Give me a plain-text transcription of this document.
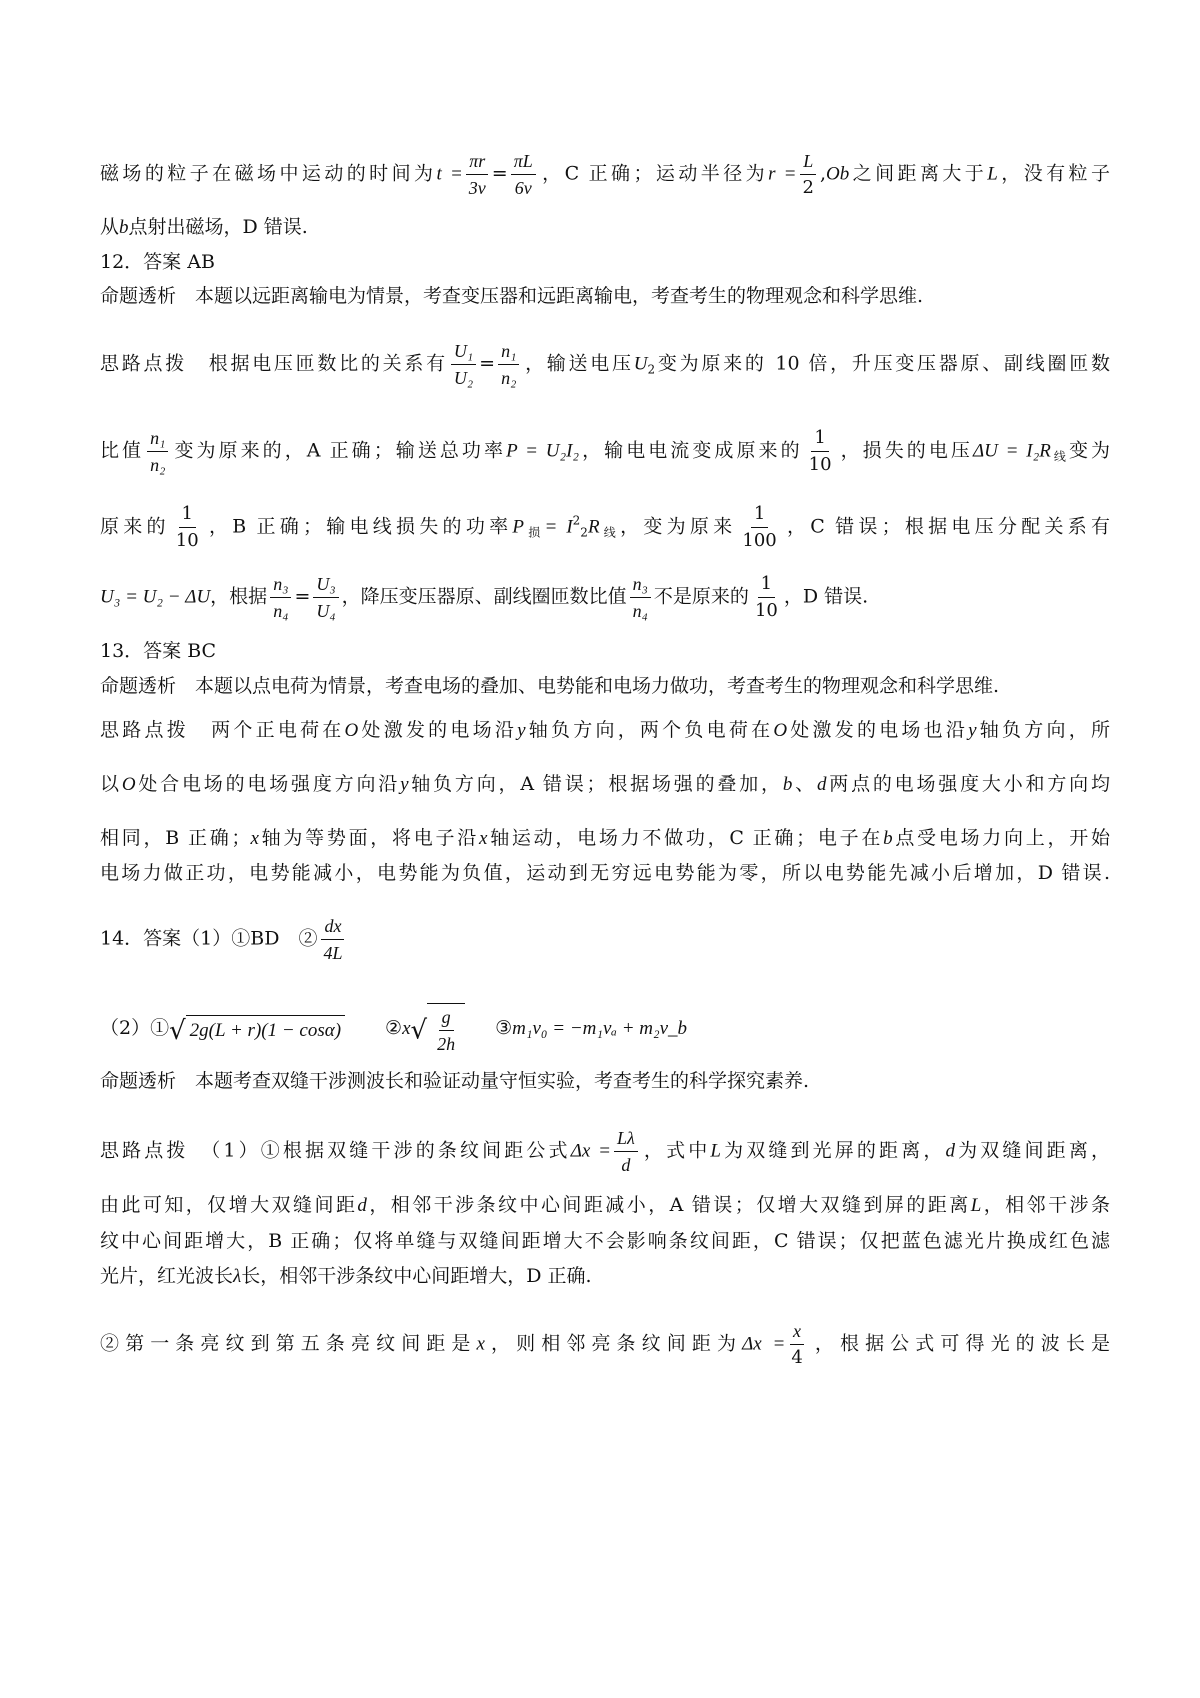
磁场的粒子在磁场中运动的时间为$t = \frac{\pi r}{3v} = \frac{\pi L}{6v}$ ，C 正确；运动半径为$r = \frac{L}{2} ,Ob$之间距离大于L，没有粒子
从b点射出磁场，D 错误.
12．答案 AB
命题透析　本题以远距离输电为情景，考查变压器和远距离输电，考查考生的物理观念和科学思维.
思路点拨　根据电压匝数比的关系有 $\frac{\text{U₁}}{\text{U₂}} = \frac{\text{n₁}}{\text{n₂}}$ ，输送电压$U_2$变为原来的 10 倍，升压变压器原、副线圈匝数
比值 $\frac{\text{n₁}}{\text{n₂}}$ 变为原来的，A 正确；输送总功率P = U₂I₂，输电电流变成原来的 $\frac{1}{10}$ ，损失的电压$\Delta U = I_2R_线$变为
原来的 $\frac{1}{10}$ ，B 正确；输电线损失的功率$P_损= I^2_2R_线$，变为原来 $\frac{1}{100}$ ，C 错误；根据电压分配关系有
U₃ = U₂ − ΔU，根据 $\frac{\text{n₃}}{\text{n₄}} = \frac{\text{U₃}}{\text{U₄}}$ ，降压变压器原、副线圈匝数比值 $\frac{\text{n₃}}{\text{n₄}}$ 不是原来的 $\frac{1}{10}$ ，D 错误.
13．答案 BC
命题透析　本题以点电荷为情景，考查电场的叠加、电势能和电场力做功，考查考生的物理观念和科学思维.
思路点拨　两个正电荷在O处激发的电场沿y轴负方向，两个负电荷在O处激发的电场也沿y轴负方向，所
以O处合电场的电场强度方向沿y轴负方向，A 错误；根据场强的叠加，b、d两点的电场强度大小和方向均
相同，B 正确；x轴为等势面，将电子沿x轴运动，电场力不做功，C 正确；电子在b点受电场力向上，开始
电场力做正功，电势能减小，电势能为负值，运动到无穷远电势能为零，所以电势能先减小后增加，D 错误.
14．答案（1）①BD　② $\frac{dx}{4L}$
（2）①√ 2g(L + r)(1 − cosα) ②x√ $\frac{g}{2h}$ ③m₁v₀ = −m₁vₐ + m₂v_b
命题透析　本题考查双缝干涉测波长和验证动量守恒实验，考查考生的科学探究素养.
思路点拨　（1）①根据双缝干涉的条纹间距公式$\Delta x = \frac{L\lambda}{d}$ ，式中L为双缝到光屏的距离，d为双缝间距离，
由此可知，仅增大双缝间距d，相邻干涉条纹中心间距减小，A 错误；仅增大双缝到屏的距离L，相邻干涉条
纹中心间距增大，B 正确；仅将单缝与双缝间距增大不会影响条纹间距，C 错误；仅把蓝色滤光片换成红色滤
光片，红光波长λ长，相邻干涉条纹中心间距增大，D 正确.
②第一条亮纹到第五条亮纹间距是x，则相邻亮条纹间距为$\Delta x = \frac{x}{4}$ ，根据公式可得光的波长是
